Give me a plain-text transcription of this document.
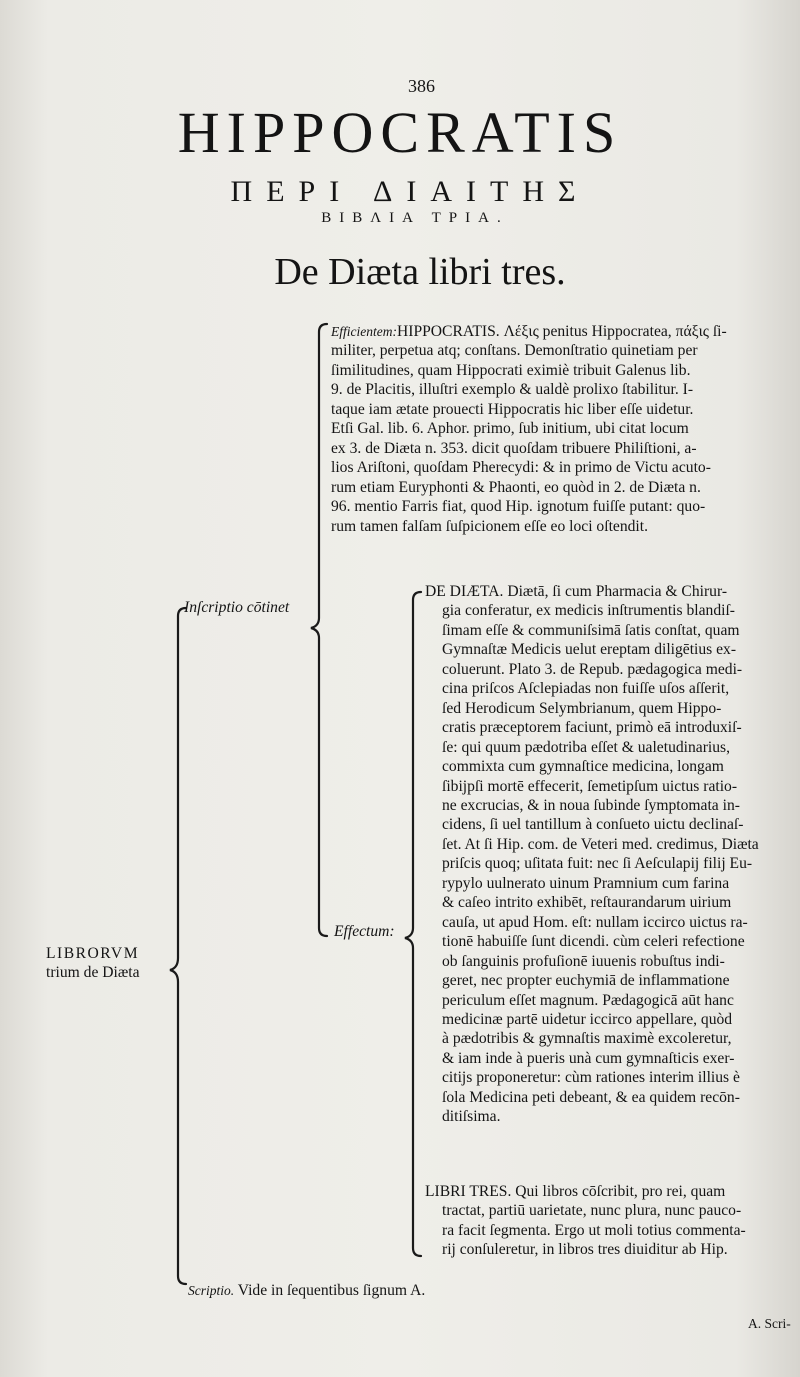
386
HIPPOCRATIS
ΠΕΡΙ ΔΙΑΙΤΗΣ
ΒΙΒΛΙΑ ΤΡΙΑ.
De Diæta libri tres.
LIBRORVM
trium de Diæta
Inſcriptio cōtinet
Effectum:
Efficientem:HIPPOCRATIS. Λέξις penitus Hippocratea, πάξις ſi-
militer, perpetua atq; conſtans. Demonſtratio quinetiam per
ſimilitudines, quam Hippocrati eximiè tribuit Galenus lib.
9. de Placitis, illuſtri exemplo & ualdè prolixo ſtabilitur. I-
taque iam ætate prouecti Hippocratis hic liber eſſe uidetur.
Etſi Gal. lib. 6. Aphor. primo, ſub initium, ubi citat locum
ex 3. de Diæta n. 353. dicit quoſdam tribuere Philiſtioni, a-
lios Ariſtoni, quoſdam Pherecydi: & in primo de Victu acuto-
rum etiam Euryphonti & Phaonti, eo quòd in 2. de Diæta n.
96. mentio Farris fiat, quod Hip. ignotum fuiſſe putant: quo-
rum tamen falſam ſuſpicionem eſſe eo loci oſtendit.
DE DIÆTA. Diætā, ſi cum Pharmacia & Chirur-
gia conferatur, ex medicis inſtrumentis blandiſ-
ſimam eſſe & communiſsimā ſatis conſtat, quam
Gymnaſtæ Medicis uelut ereptam diligētius ex-
coluerunt. Plato 3. de Repub. pædagogica medi-
cina priſcos Aſclepiadas non fuiſſe uſos aſſerit,
ſed Herodicum Selymbrianum, quem Hippo-
cratis præceptorem faciunt, primò eā introduxiſ-
ſe: qui quum pædotriba eſſet & ualetudinarius,
commixta cum gymnaſtice medicina, longam
ſibijpſi mortē effecerit, ſemetipſum uictus ratio-
ne excrucias, & in noua ſubinde ſymptomata in-
cidens, ſi uel tantillum à conſueto uictu declinaſ-
ſet. At ſi Hip. com. de Veteri med. credimus, Diæta
priſcis quoq; uſitata fuit: nec ſi Aeſculapij filij Eu-
rypylo uulnerato uinum Pramnium cum farina
& caſeo intrito exhibēt, reſtaurandarum uirium
cauſa, ut apud Hom. eſt: nullam iccirco uictus ra-
tionē habuiſſe ſunt dicendi. cùm celeri refectione
ob ſanguinis profuſionē iuuenis robuſtus indi-
geret, nec propter euchymiā de inflammatione
periculum eſſet magnum. Pædagogicā aūt hanc
medicinæ partē uidetur iccirco appellare, quòd
à pædotribis & gymnaſtis maximè excoleretur,
& iam inde à pueris unà cum gymnaſticis exer-
citijs proponeretur: cùm rationes interim illius è
ſola Medicina peti debeant, & ea quidem recōn-
ditiſsima.
LIBRI TRES. Qui libros cōſcribit, pro rei, quam
tractat, partiū uarietate, nunc plura, nunc pauco-
ra facit ſegmenta. Ergo ut moli totius commenta-
rij conſuleretur, in libros tres diuiditur ab Hip.
Scriptio. Vide in ſequentibus ſignum A.
A. Scri-
